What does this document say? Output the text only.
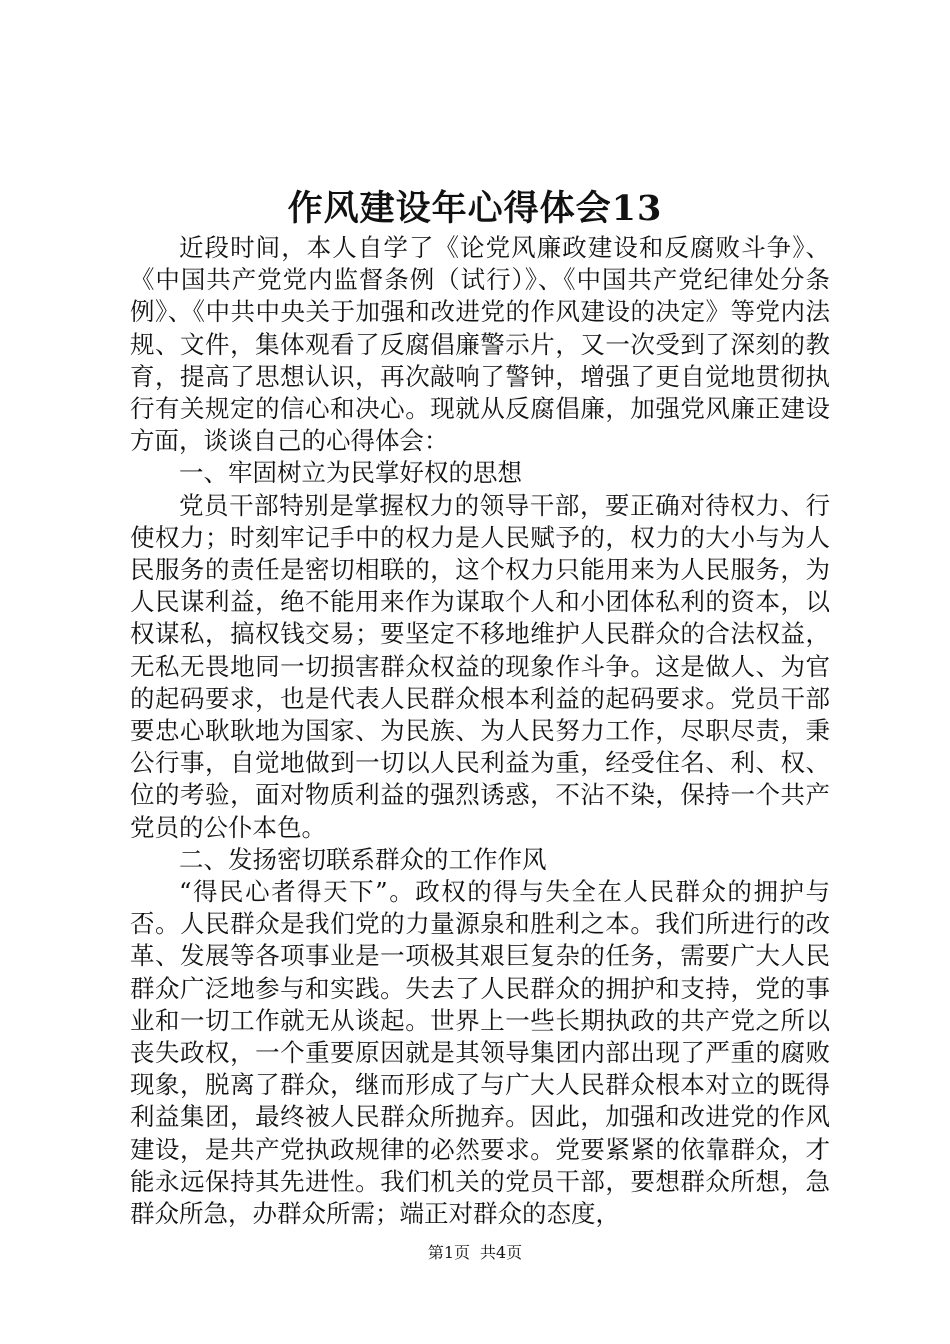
作风建设年心得体会13

近段时间，本人自学了《论党风廉政建设和反腐败斗争》、《中国共产党党内监督条例（试行）》、《中国共产党纪律处分条例》、《中共中央关于加强和改进党的作风建设的决定》等党内法规、文件，集体观看了反腐倡廉警示片，又一次受到了深刻的教育，提高了思想认识，再次敲响了警钟，增强了更自觉地贯彻执行有关规定的信心和决心。现就从反腐倡廉，加强党风廉正建设方面，谈谈自己的心得体会：

一、牢固树立为民掌好权的思想

党员干部特别是掌握权力的领导干部，要正确对待权力、行使权力；时刻牢记手中的权力是人民赋予的，权力的大小与为人民服务的责任是密切相联的，这个权力只能用来为人民服务，为人民谋利益，绝不能用来作为谋取个人和小团体私利的资本，以权谋私，搞权钱交易；要坚定不移地维护人民群众的合法权益，无私无畏地同一切损害群众权益的现象作斗争。这是做人、为官的起码要求，也是代表人民群众根本利益的起码要求。党员干部要忠心耿耿地为国家、为民族、为人民努力工作，尽职尽责，秉公行事，自觉地做到一切以人民利益为重，经受住名、利、权、位的考验，面对物质利益的强烈诱惑，不沾不染，保持一个共产党员的公仆本色。

二、发扬密切联系群众的工作作风

“得民心者得天下”。政权的得与失全在人民群众的拥护与否。人民群众是我们党的力量源泉和胜利之本。我们所进行的改革、发展等各项事业是一项极其艰巨复杂的任务，需要广大人民群众广泛地参与和实践。失去了人民群众的拥护和支持，党的事业和一切工作就无从谈起。世界上一些长期执政的共产党之所以丧失政权，一个重要原因就是其领导集团内部出现了严重的腐败现象，脱离了群众，继而形成了与广大人民群众根本对立的既得利益集团，最终被人民群众所抛弃。因此，加强和改进党的作风建设，是共产党执政规律的必然要求。党要紧紧的依靠群众，才能永远保持其先进性。我们机关的党员干部，要想群众所想，急群众所急，办群众所需；端正对群众的态度，

第1页 共4页
